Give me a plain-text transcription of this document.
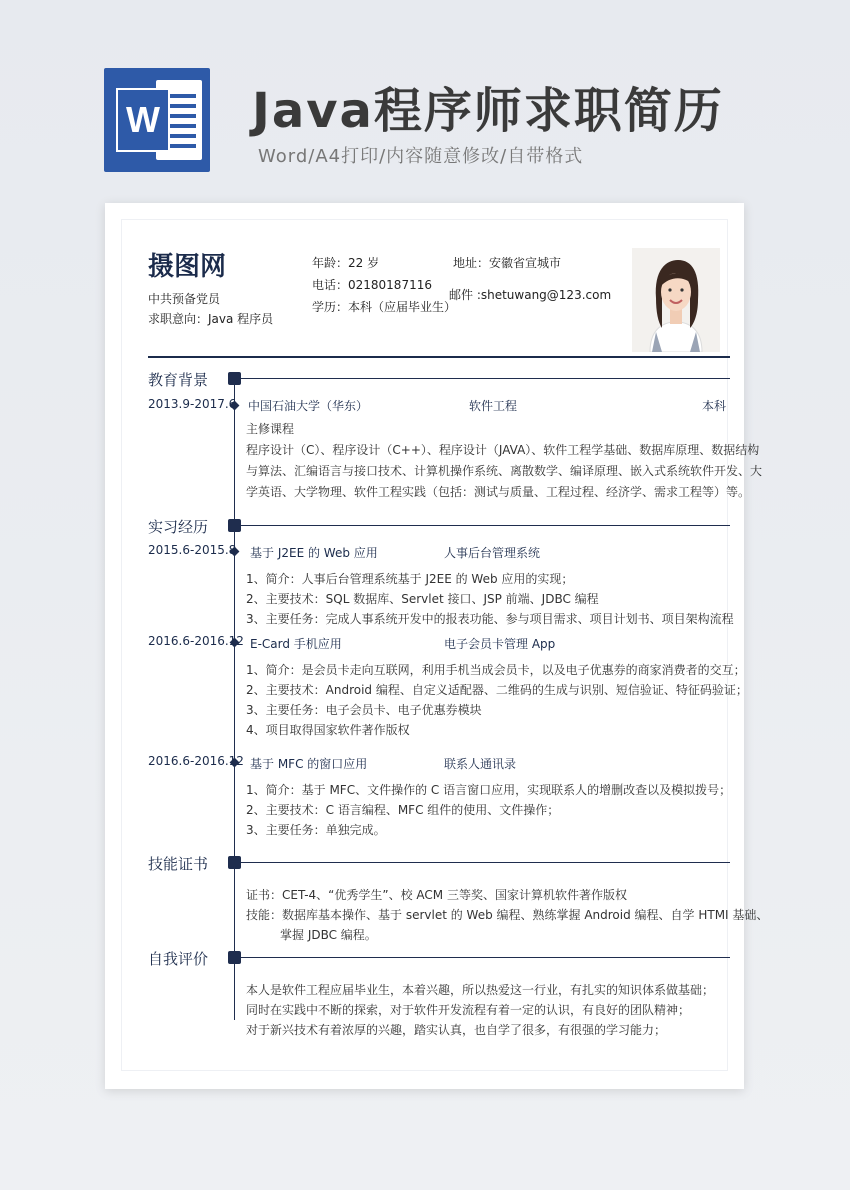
W Java程序师求职简历
Word/A4打印/内容随意修改/自带格式
摄图网
中共预备党员
求职意向：Java 程序员
年龄：22 岁
电话：02180187116
学历：本科（应届毕业生）
地址：安徽省宣城市
邮件 :shetuwang@123.com
教育背景
2013.9-2017.6 中国石油大学（华东）	软件工程	本科
主修课程
程序设计（C）、程序设计（C++）、程序设计（JAVA）、软件工程学基础、数据库原理、数据结构
与算法、汇编语言与接口技术、计算机操作系统、离散数学、编译原理、嵌入式系统软件开发、大
学英语、大学物理、软件工程实践（包括：测试与质量、工程过程、经济学、需求工程等）等。
实习经历
2015.6-2015.8 基于 J2EE 的 Web 应用	人事后台管理系统
1、简介：人事后台管理系统基于 J2EE 的 Web 应用的实现；
2、主要技术：SQL 数据库、Servlet 接口、JSP 前端、JDBC 编程
3、主要任务：完成人事系统开发中的报表功能、参与项目需求、项目计划书、项目架构流程
2016.6-2016.12 E-Card 手机应用	电子会员卡管理 App
1、简介：是会员卡走向互联网，利用手机当成会员卡，以及电子优惠券的商家消费者的交互；
2、主要技术：Android 编程、自定义适配器、二维码的生成与识别、短信验证、特征码验证；
3、主要任务：电子会员卡、电子优惠券模块
4、项目取得国家软件著作版权
2016.6-2016.12 基于 MFC 的窗口应用	联系人通讯录
1、简介：基于 MFC、文件操作的 C 语言窗口应用，实现联系人的增删改查以及模拟拨号；
2、主要技术：C 语言编程、MFC 组件的使用、文件操作；
3、主要任务：单独完成。
技能证书
证书：CET-4、“优秀学生”、校 ACM 三等奖、国家计算机软件著作版权
技能：数据库基本操作、基于 servlet 的 Web 编程、熟练掌握 Android 编程、自学 HTMI 基础、
掌握 JDBC 编程。
自我评价
本人是软件工程应届毕业生，本着兴趣，所以热爱这一行业，有扎实的知识体系做基础；
同时在实践中不断的探索，对于软件开发流程有着一定的认识，有良好的团队精神；
对于新兴技术有着浓厚的兴趣，踏实认真，也自学了很多，有很强的学习能力；
